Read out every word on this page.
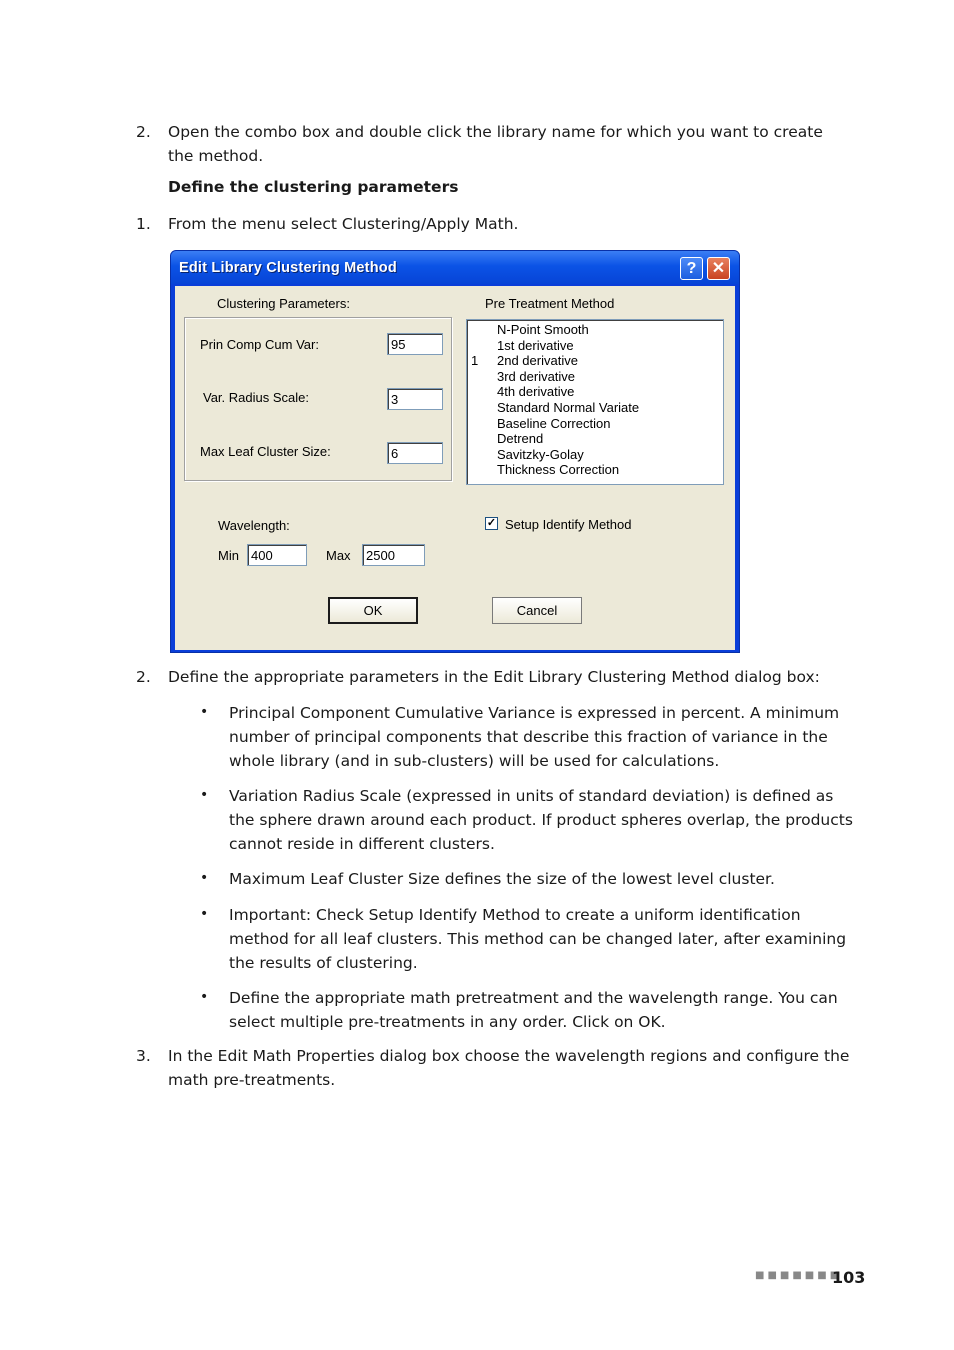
2. Open the combo box and double click the library name for which you want to create the method.
Define the clustering parameters
1. From the menu select Clustering/Apply Math.
Edit Library Clustering Method	? ✕
Clustering Parameters:	Pre Treatment Method
Prin Comp Cum Var:	95
Var. Radius Scale:	3
Max Leaf Cluster Size:	6
N-Point Smooth
1st derivative
1 2nd derivative
3rd derivative
4th derivative
Standard Normal Variate
Baseline Correction
Detrend
Savitzky-Golay
Thickness Correction
Wavelength:
Min 400	Max	2500
✓ Setup Identify Method
OK	Cancel
2. Define the appropriate parameters in the Edit Library Clustering Method dialog box:
• Principal Component Cumulative Variance is expressed in percent. A minimum number of principal components that describe this fraction of variance in the whole library (and in sub-clusters) will be used for calculations.
• Variation Radius Scale (expressed in units of standard deviation) is defined as the sphere drawn around each product. If product spheres overlap, the products cannot reside in different clusters.
• Maximum Leaf Cluster Size defines the size of the lowest level cluster.
• Important: Check Setup Identify Method to create a uniform identification method for all leaf clusters. This method can be changed later, after examining the results of clustering.
• Define the appropriate math pretreatment and the wavelength range. You can select multiple pre-treatments in any order. Click on OK.
3. In the Edit Math Properties dialog box choose the wavelength regions and configure the math pre-treatments.
■■■■■■■
103
